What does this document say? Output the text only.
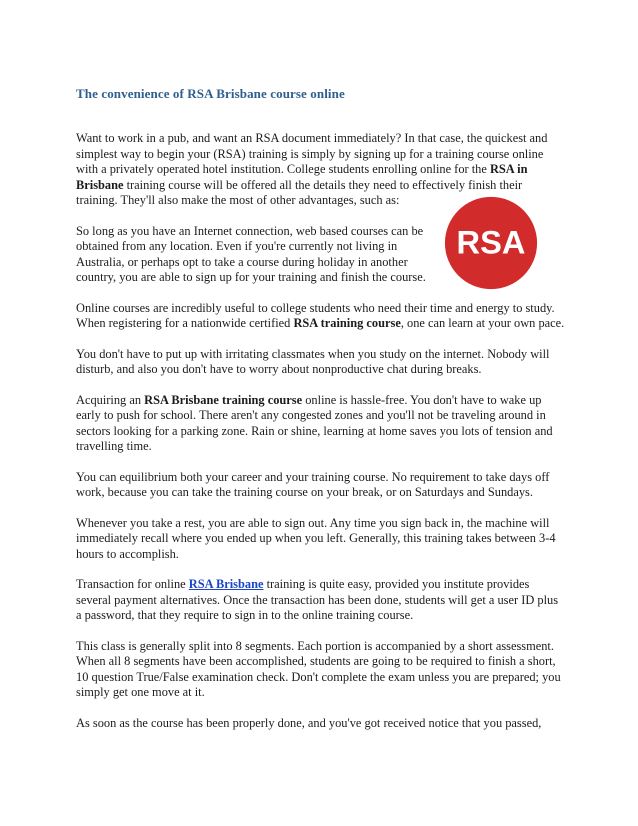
The convenience of RSA Brisbane course online
RSA

Want to work in a pub, and want an RSA document immediately? In that case, the quickest and simplest way to begin your (RSA) training is simply by signing up for a training course online with a privately operated hotel institution. College students enrolling online for the RSA in Brisbane training course will be offered all the details they need to effectively finish their training. They'll also make the most of other advantages, such as:

So long as you have an Internet connection, web based courses can be obtained from any location. Even if you're currently not living in Australia, or perhaps opt to take a course during holiday in another country, you are able to sign up for your training and finish the course.

Online courses are incredibly useful to college students who need their time and energy to study. When registering for a nationwide certified RSA training course, one can learn at your own pace.

You don't have to put up with irritating classmates when you study on the internet. Nobody will disturb, and also you don't have to worry about nonproductive chat during breaks.

Acquiring an RSA Brisbane training course online is hassle-free. You don't have to wake up early to push for school. There aren't any congested zones and you'll not be traveling around in sectors looking for a parking zone. Rain or shine, learning at home saves you lots of tension and travelling time.

You can equilibrium both your career and your training course. No requirement to take days off work, because you can take the training course on your break, or on Saturdays and Sundays.

Whenever you take a rest, you are able to sign out. Any time you sign back in, the machine will immediately recall where you ended up when you left. Generally, this training takes between 3-4 hours to accomplish.

Transaction for online RSA Brisbane training is quite easy, provided you institute provides several payment alternatives. Once the transaction has been done, students will get a user ID plus a password, that they require to sign in to the online training course.

This class is generally split into 8 segments. Each portion is accompanied by a short assessment. When all 8 segments have been accomplished, students are going to be required to finish a short, 10 question True/False examination check. Don't complete the exam unless you are prepared; you simply get one move at it.

As soon as the course has been properly done, and you've got received notice that you passed,
